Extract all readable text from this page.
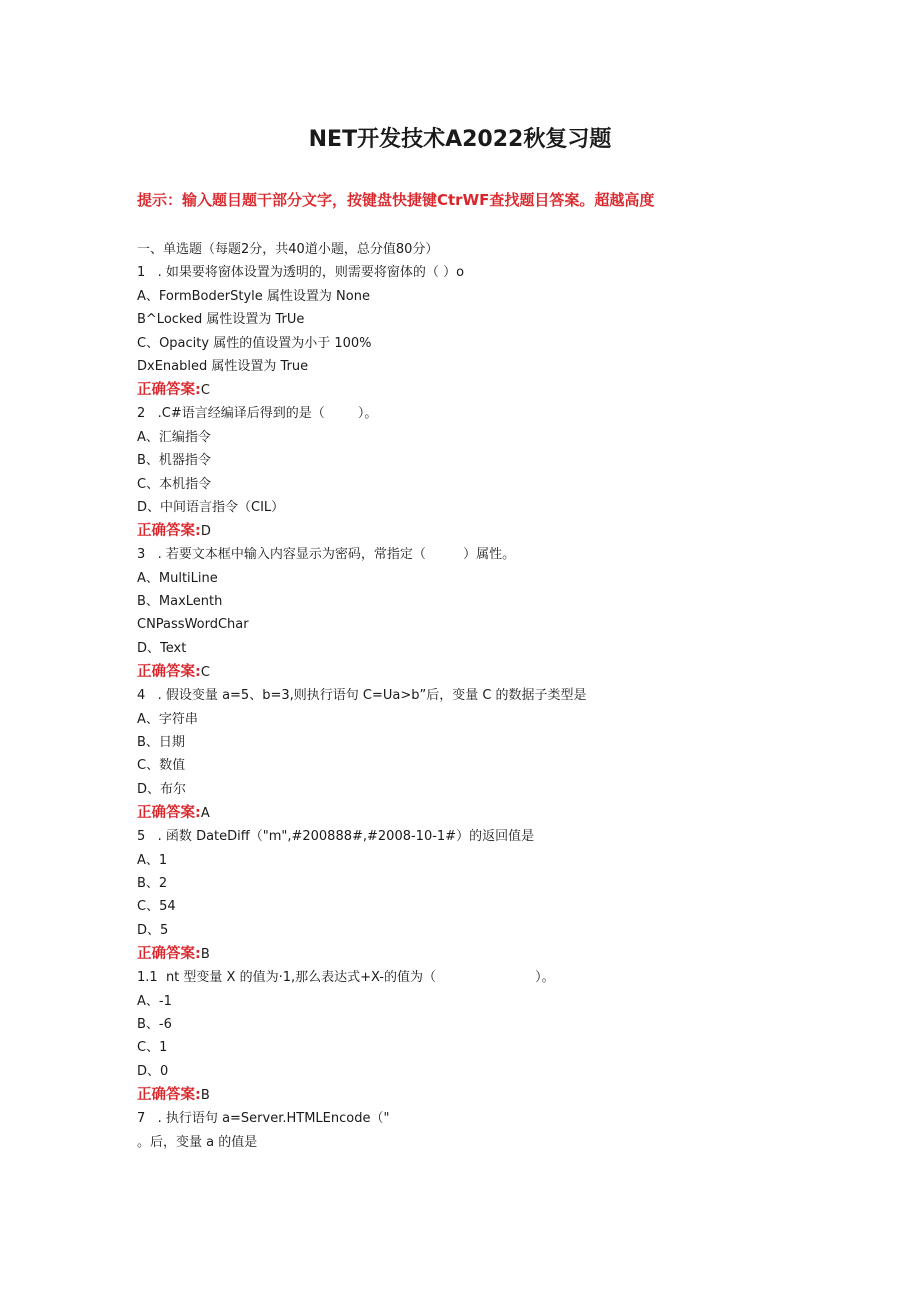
NET开发技术A2022秋复习题
提示：输入题目题干部分文字，按键盘快捷键CtrWF查找题目答案。超越高度
一、单选题（每题2分，共40道小题，总分值80分）
1   . 如果要将窗体设置为透明的，则需要将窗体的（ ）o
A、FormBoderStyle 属性设置为 None
B^Locked 属性设置为 TrUe
C、Opacity 属性的值设置为小于 100%
DxEnabled 属性设置为 True
正确答案:C
2   .C#语言经编译后得到的是（        ）。
A、汇编指令
B、机器指令
C、本机指令
D、中间语言指令（CIL）
正确答案:D
3   . 若要文本框中输入内容显示为密码，常指定（         ）属性。
A、MultiLine
B、MaxLenth
CNPassWordChar
D、Text
正确答案:C
4   . 假设变量 a=5、b=3,则执行语句 C=Ua>b”后，变量 C 的数据子类型是
A、字符串
B、日期
C、数值
D、布尔
正确答案:A
5   . 函数 DateDiff（"m",#200888#,#2008-10-1#）的返回值是
A、1
B、2
C、54
D、5
正确答案:B
1.1  nt 型变量 X 的值为·1,那么表达式+X-的值为（                        ）。
A、-1
B、-6
C、1
D、0
正确答案:B
7   . 执行语句 a=Server.HTMLEncode（"
。后，变量 a 的值是
